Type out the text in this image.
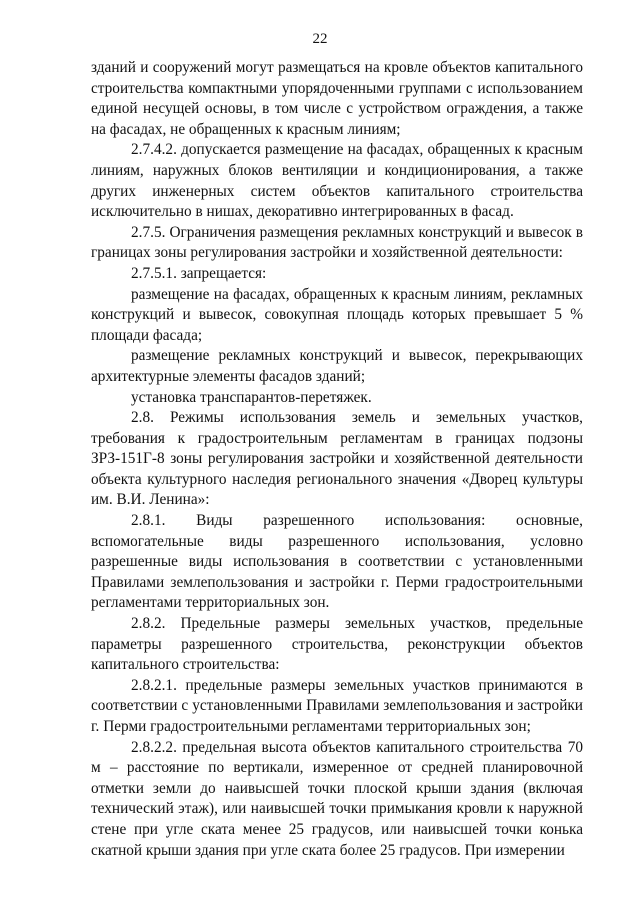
22

зданий и сооружений могут размещаться на кровле объектов капитального строительства компактными упорядоченными группами с использованием единой несущей основы, в том числе с устройством ограждения, а также на фасадах, не обращенных к красным линиям;

2.7.4.2. допускается размещение на фасадах, обращенных к красным линиям, наружных блоков вентиляции и кондиционирования, а также других инженерных систем объектов капитального строительства исключительно в нишах, декоративно интегрированных в фасад.

2.7.5. Ограничения размещения рекламных конструкций и вывесок в границах зоны регулирования застройки и хозяйственной деятельности:

2.7.5.1. запрещается:

размещение на фасадах, обращенных к красным линиям, рекламных конструкций и вывесок, совокупная площадь которых превышает 5 % площади фасада;

размещение рекламных конструкций и вывесок, перекрывающих архитектурные элементы фасадов зданий;

установка транспарантов-перетяжек.

2.8. Режимы использования земель и земельных участков, требования к градостроительным регламентам в границах подзоны ЗРЗ-151Г-8 зоны регулирования застройки и хозяйственной деятельности объекта культурного наследия регионального значения «Дворец культуры им. В.И. Ленина»:

2.8.1. Виды разрешенного использования: основные, вспомогательные виды разрешенного использования, условно разрешенные виды использования в соответствии с установленными Правилами землепользования и застройки г. Перми градостроительными регламентами территориальных зон.

2.8.2. Предельные размеры земельных участков, предельные параметры разрешенного строительства, реконструкции объектов капитального строительства:

2.8.2.1. предельные размеры земельных участков принимаются в соответствии с установленными Правилами землепользования и застройки г. Перми градостроительными регламентами территориальных зон;

2.8.2.2. предельная высота объектов капитального строительства 70 м – расстояние по вертикали, измеренное от средней планировочной отметки земли до наивысшей точки плоской крыши здания (включая технический этаж), или наивысшей точки примыкания кровли к наружной стене при угле ската менее 25 градусов, или наивысшей точки конька скатной крыши здания при угле ската более 25 градусов. При измерении
